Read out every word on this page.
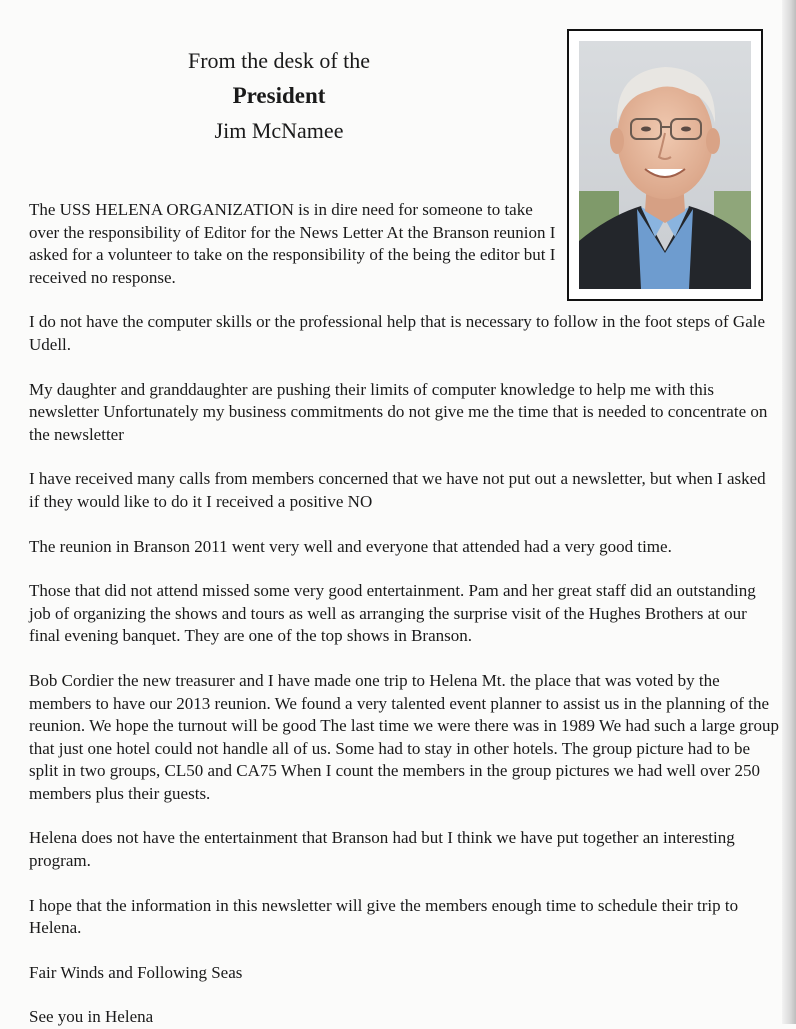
From the desk of the
President
Jim McNamee

The USS HELENA ORGANIZATION is in dire need for someone to take over the responsibility of Editor for the News Letter At the Branson reunion I asked for a volunteer to take on the responsibility of the being the editor but I received no response.

I do not have the computer skills or the professional help that is necessary to follow in the foot steps of Gale Udell.

My daughter and granddaughter are pushing their limits of computer knowledge to help me with this newsletter Unfortunately my business commitments do not give me the time that is needed to concentrate on the newsletter

I have received many calls from members concerned that we have not put out a newsletter, but when I asked if they would like to do it I received a positive NO

The reunion in Branson 2011 went very well and everyone that attended had a very good time.

Those that did not attend missed some very good entertainment. Pam and her great staff did an outstanding job of organizing the shows and tours as well as arranging the surprise visit of the Hughes Brothers at our final evening banquet. They are one of the top shows in Branson.

Bob Cordier the new treasurer and I have made one trip to Helena Mt. the place that was voted by the members to have our 2013 reunion. We found a very talented event planner to assist us in the planning of the reunion. We hope the turnout will be good The last time we were there was in 1989 We had such a large group that just one hotel could not handle all of us. Some had to stay in other hotels. The group picture had to be split in two groups, CL50 and CA75 When I count the members in the group pictures we had well over 250 members plus their guests.

Helena does not have the entertainment that Branson had but I think we have put together an interesting program.

I hope that the information in this newsletter will give the members enough time to schedule their trip to Helena.

Fair Winds and Following Seas

See you in Helena
